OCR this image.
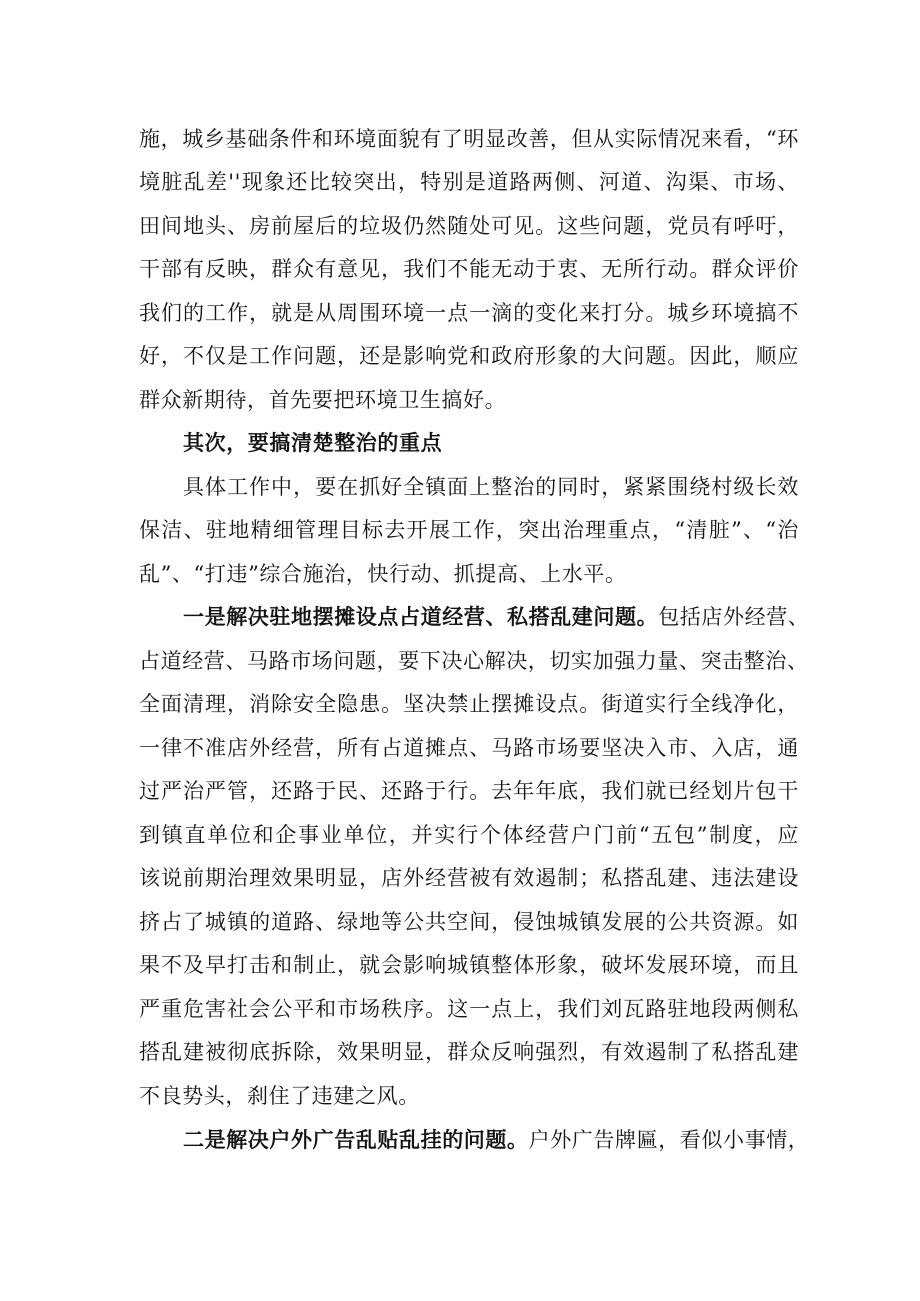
施，城乡基础条件和环境面貌有了明显改善，但从实际情况来看，“环
境脏乱差''现象还比较突出，特别是道路两侧、河道、沟渠、市场、
田间地头、房前屋后的垃圾仍然随处可见。这些问题，党员有呼吁，
干部有反映，群众有意见，我们不能无动于衷、无所行动。群众评价
我们的工作，就是从周围环境一点一滴的变化来打分。城乡环境搞不
好，不仅是工作问题，还是影响党和政府形象的大问题。因此，顺应
群众新期待，首先要把环境卫生搞好。
其次，要搞清楚整治的重点
具体工作中，要在抓好全镇面上整治的同时，紧紧围绕村级长效
保洁、驻地精细管理目标去开展工作，突出治理重点，“清脏”、“治
乱”、“打违”综合施治，快行动、抓提高、上水平。
一是解决驻地摆摊设点占道经营、私搭乱建问题。包括店外经营、
占道经营、马路市场问题，要下决心解决，切实加强力量、突击整治、
全面清理，消除安全隐患。坚决禁止摆摊设点。街道实行全线净化，
一律不准店外经营，所有占道摊点、马路市场要坚决入市、入店，通
过严治严管，还路于民、还路于行。去年年底，我们就已经划片包干
到镇直单位和企事业单位，并实行个体经营户门前“五包”制度，应
该说前期治理效果明显，店外经营被有效遏制；私搭乱建、违法建设
挤占了城镇的道路、绿地等公共空间，侵蚀城镇发展的公共资源。如
果不及早打击和制止，就会影响城镇整体形象，破坏发展环境，而且
严重危害社会公平和市场秩序。这一点上，我们刘瓦路驻地段两侧私
搭乱建被彻底拆除，效果明显，群众反响强烈，有效遏制了私搭乱建
不良势头，刹住了违建之风。
二是解决户外广告乱贴乱挂的问题。户外广告牌匾，看似小事情，
